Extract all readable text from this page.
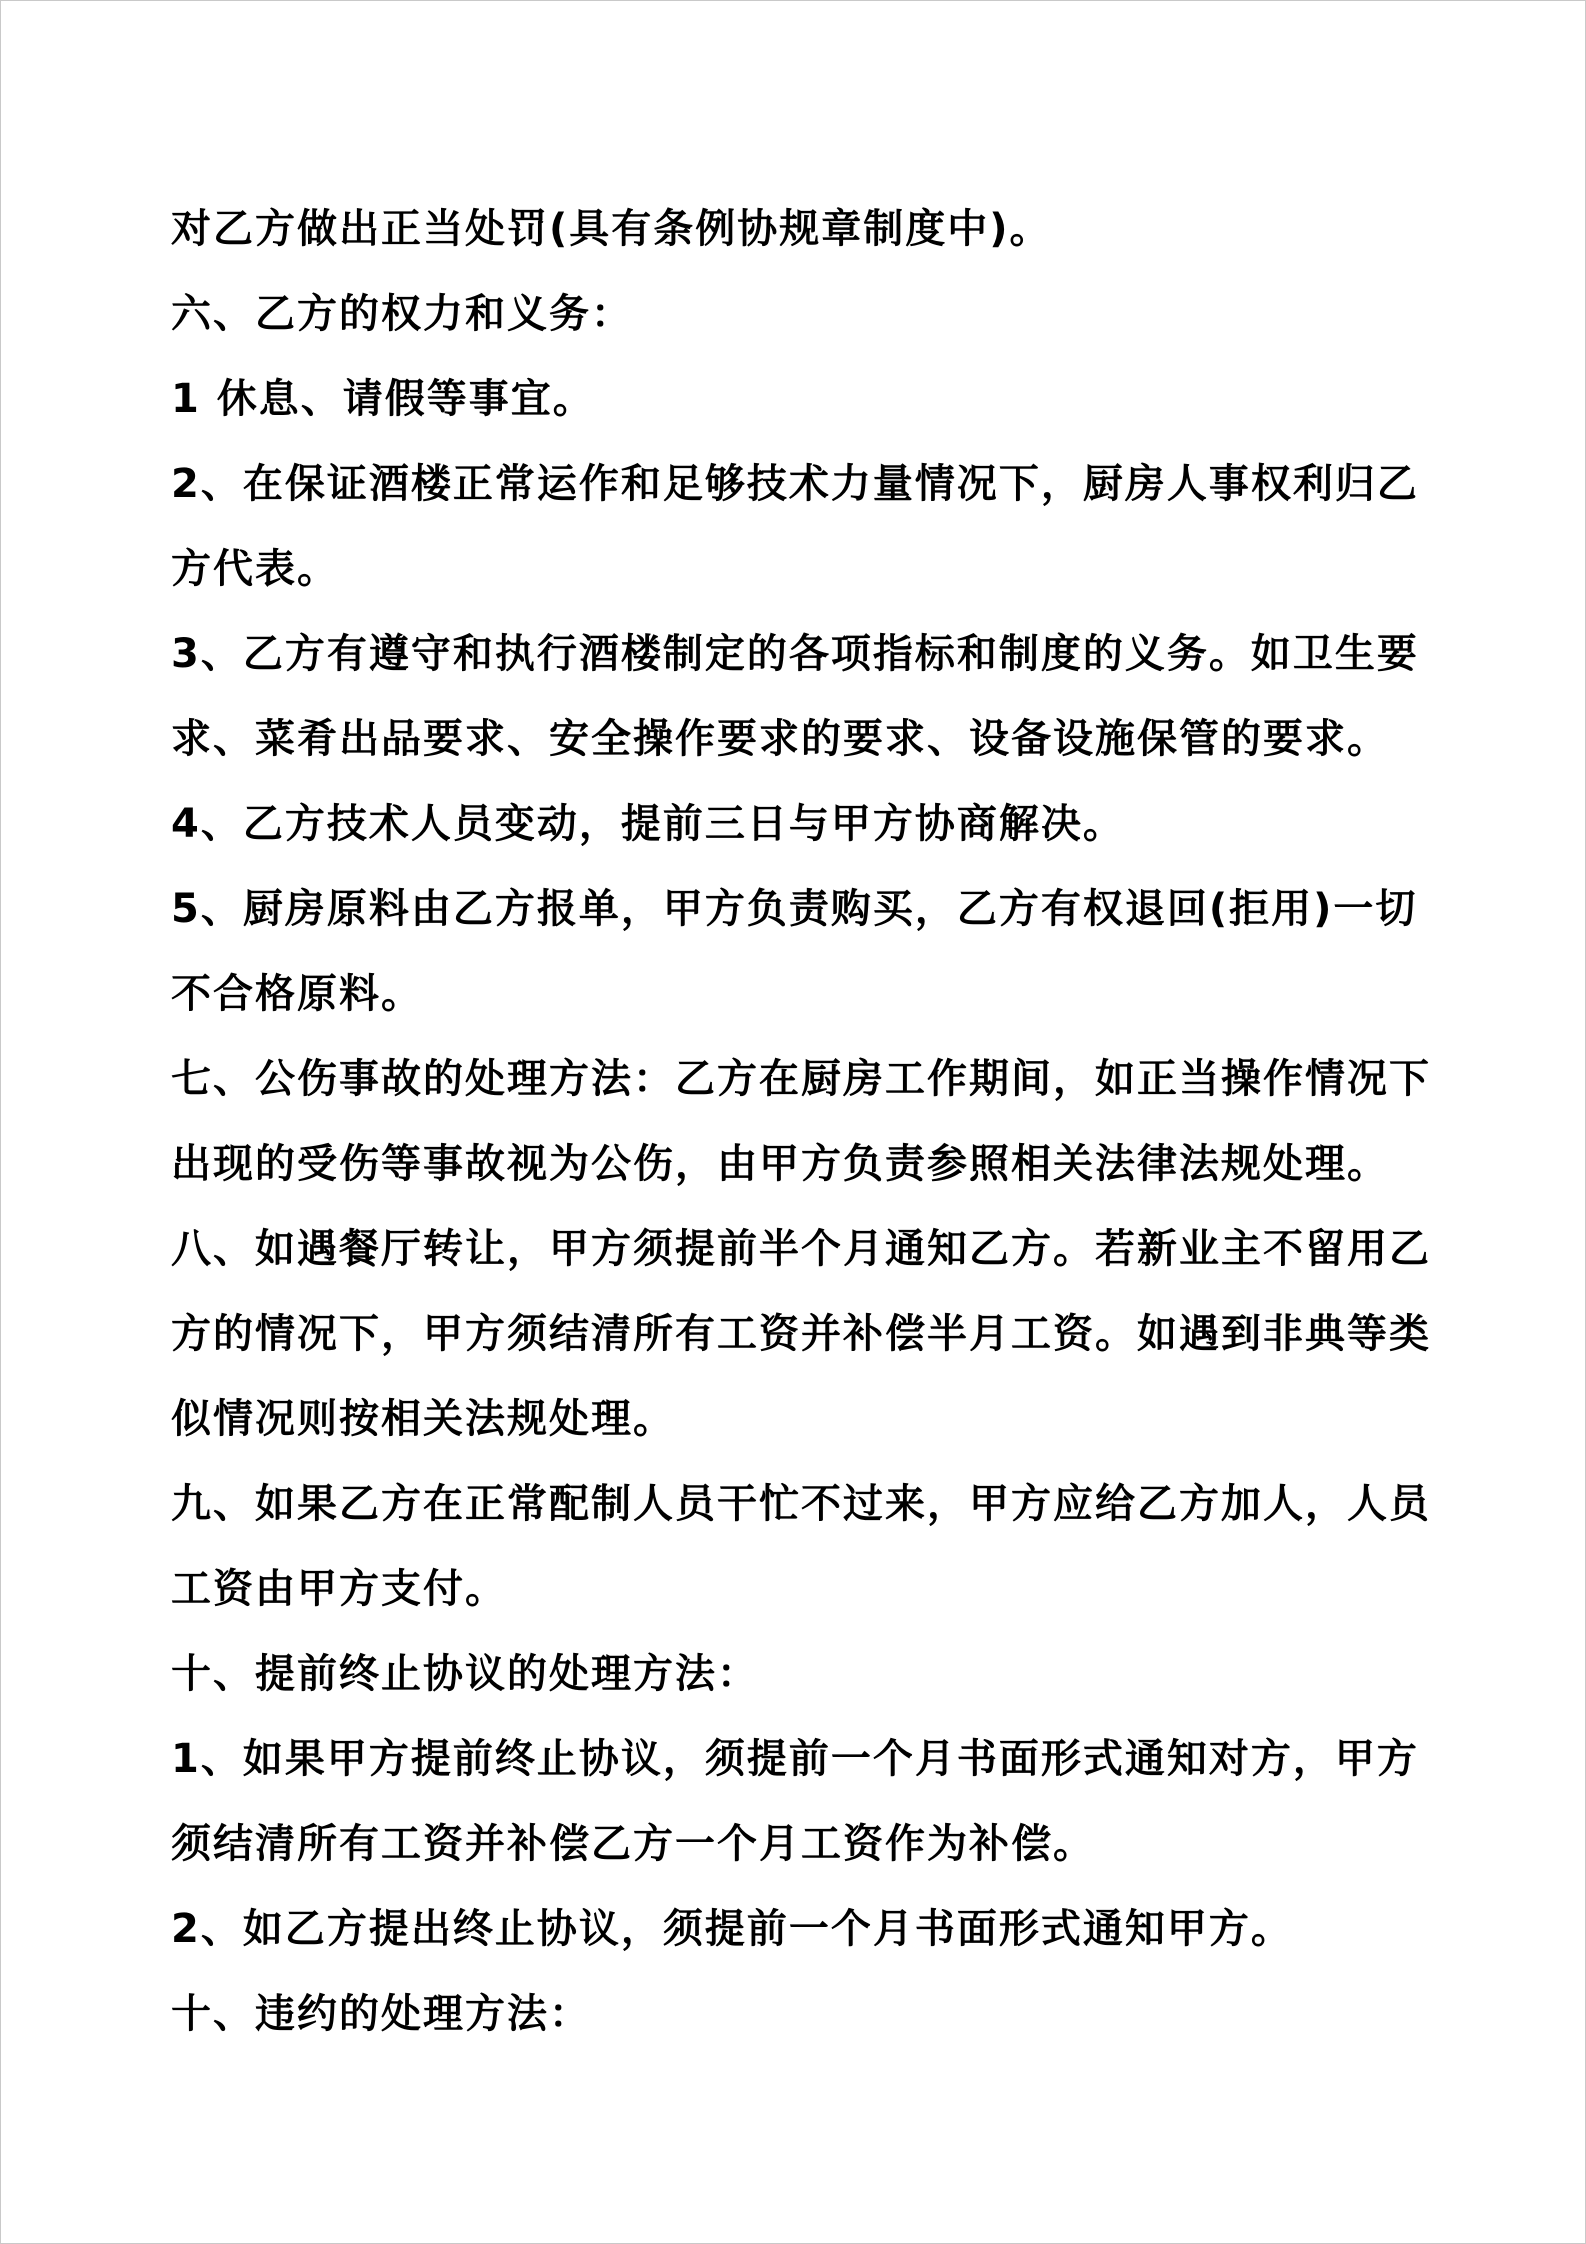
对乙方做出正当处罚(具有条例协规章制度中)。
六、乙方的权力和义务：
1 休息、请假等事宜。
2、在保证酒楼正常运作和足够技术力量情况下，厨房人事权利归乙
方代表。
3、乙方有遵守和执行酒楼制定的各项指标和制度的义务。如卫生要
求、菜肴出品要求、安全操作要求的要求、设备设施保管的要求。
4、乙方技术人员变动，提前三日与甲方协商解决。
5、厨房原料由乙方报单，甲方负责购买，乙方有权退回(拒用)一切
不合格原料。
七、公伤事故的处理方法：乙方在厨房工作期间，如正当操作情况下
出现的受伤等事故视为公伤，由甲方负责参照相关法律法规处理。
八、如遇餐厅转让，甲方须提前半个月通知乙方。若新业主不留用乙
方的情况下，甲方须结清所有工资并补偿半月工资。如遇到非典等类
似情况则按相关法规处理。
九、如果乙方在正常配制人员干忙不过来，甲方应给乙方加人，人员
工资由甲方支付。
十、提前终止协议的处理方法：
1、如果甲方提前终止协议，须提前一个月书面形式通知对方，甲方
须结清所有工资并补偿乙方一个月工资作为补偿。
2、如乙方提出终止协议，须提前一个月书面形式通知甲方。
十、违约的处理方法：
